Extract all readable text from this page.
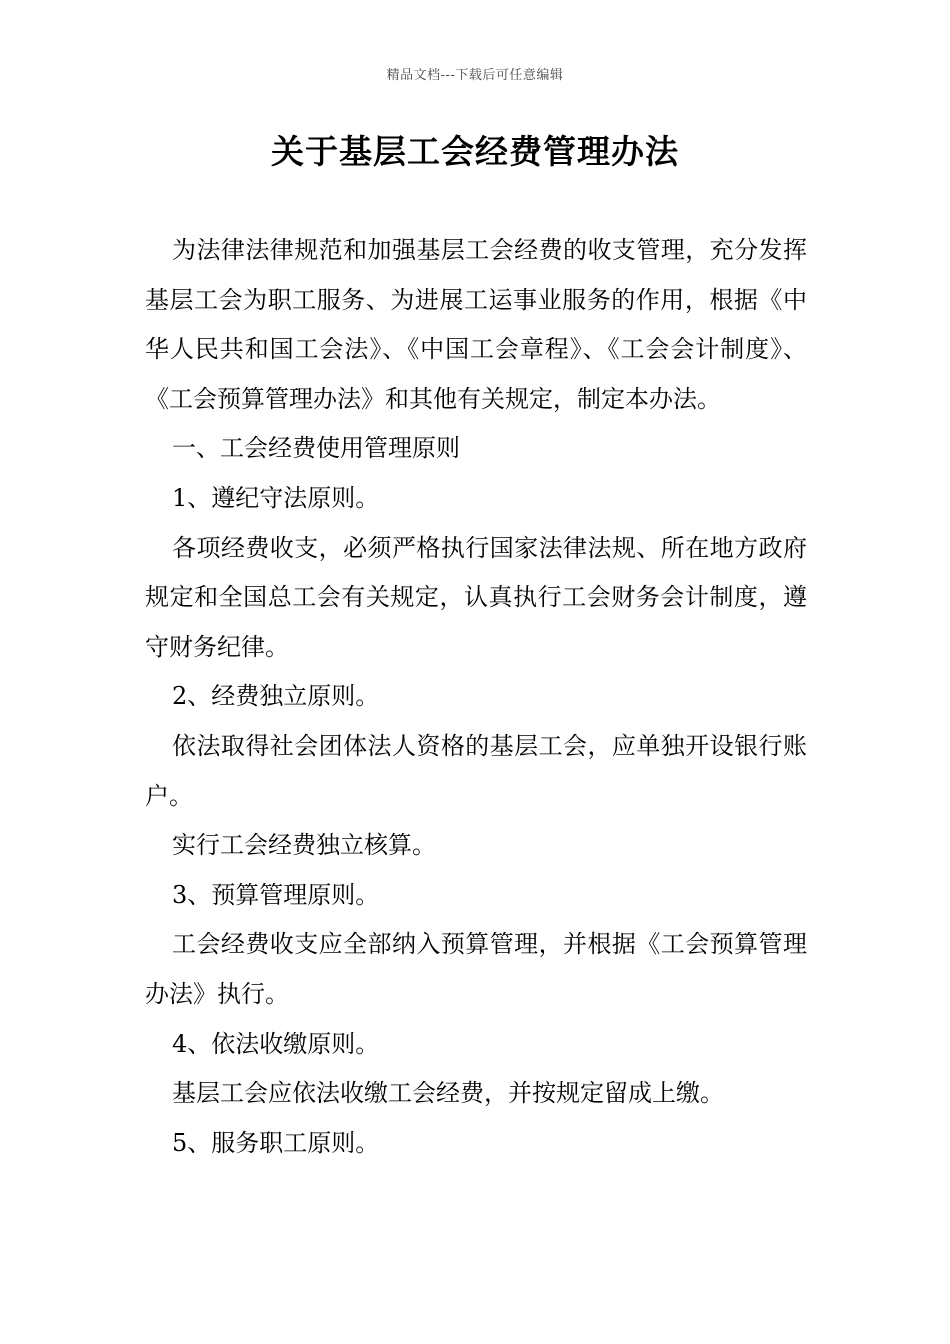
精品文档---下载后可任意编辑
关于基层工会经费管理办法

为法律法律规范和加强基层工会经费的收支管理，充分发挥基层工会为职工服务、为进展工运事业服务的作用，根据《中华人民共和国工会法》、《中国工会章程》、《工会会计制度》、《工会预算管理办法》和其他有关规定，制定本办法。

一、工会经费使用管理原则

1、遵纪守法原则。

各项经费收支，必须严格执行国家法律法规、所在地方政府规定和全国总工会有关规定，认真执行工会财务会计制度，遵守财务纪律。

2、经费独立原则。

依法取得社会团体法人资格的基层工会，应单独开设银行账户。

实行工会经费独立核算。

3、预算管理原则。

工会经费收支应全部纳入预算管理，并根据《工会预算管理办法》执行。

4、依法收缴原则。

基层工会应依法收缴工会经费，并按规定留成上缴。

5、服务职工原则。
